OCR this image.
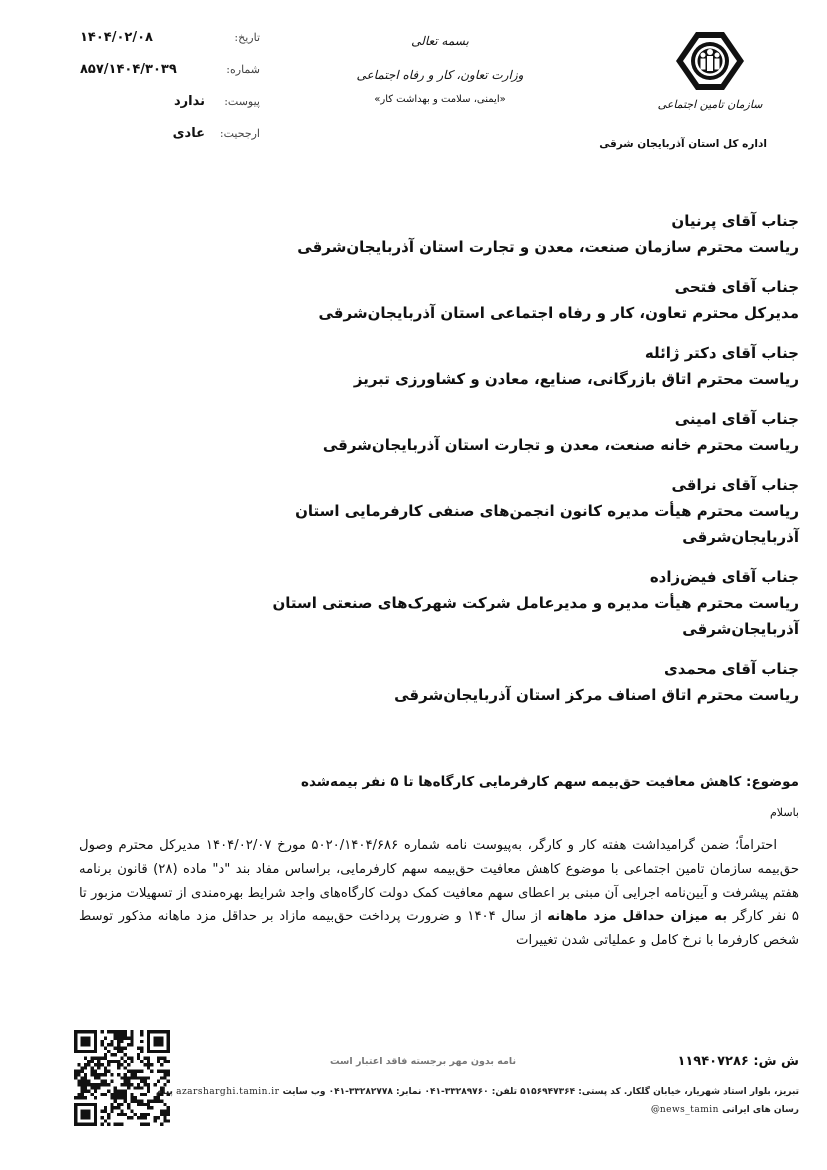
تاریخ:
۱۴۰۴/۰۲/۰۸
شماره:
۸۵۷/۱۴۰۴/۳۰۳۹
پیوست:
ندارد
ارجحیت:
عادی
بسمه تعالی
وزارت تعاون، کار و رفاه اجتماعی
«ایمنی، سلامت و بهداشت کار»	سازمان تامین اجتماعی
اداره کل استان آذربایجان شرقی
جناب آقای پرنیان
ریاست محترم سازمان صنعت، معدن و تجارت استان آذربایجان‌شرقی
جناب آقای فتحی
مدیرکل محترم تعاون، کار و رفاه اجتماعی استان آذربایجان‌شرقی
جناب آقای دکتر ژائله
ریاست محترم اتاق بازرگانی، صنایع، معادن و کشاورزی تبریز
جناب آقای امینی
ریاست محترم خانه صنعت، معدن و تجارت استان آذربایجان‌شرقی
جناب آقای نراقی
ریاست محترم هیأت مدیره کانون انجمن‌های صنفی کارفرمایی استان آذربایجان‌شرقی
جناب آقای فیض‌زاده
ریاست محترم هیأت مدیره و مدیرعامل شرکت شهرک‌های صنعتی استان آذربایجان‌شرقی
جناب آقای محمدی
ریاست محترم اتاق اصناف مرکز استان آذربایجان‌شرقی
موضوع: کاهش معافیت حق‌بیمه سهم کارفرمایی کارگاه‌ها تا ۵ نفر بیمه‌شده
باسلام

احتراماً؛ ضمن گرامیداشت هفته کار و کارگر، به‌پیوست نامه شماره ۵۰۲۰/۱۴۰۴/۶۸۶ مورخ ۱۴۰۴/۰۲/۰۷ مدیرکل محترم وصول حق‌بیمه سازمان تامین اجتماعی با موضوع کاهش معافیت حق‌بیمه سهم کارفرمایی، براساس مفاد بند "د" ماده (۲۸) قانون برنامه هفتم پیشرفت و آیین‌نامه اجرایی آن مبنی بر اعطای سهم معافیت کمک دولت کارگاه‌های واجد شرایط بهره‌مندی از تسهیلات مزبور تا ۵ نفر کارگر به میزان حداقل مزد ماهانه از سال ۱۴۰۴ و ضرورت پرداخت حق‌بیمه مازاد بر حداقل مزد ماهانه مذکور توسط شخص کارفرما با نرخ کامل و عملیاتی شدن تغییرات

نامه بدون مهر برجسته فاقد اعتبار است	ش ش: ۱۱۹۴۰۷۲۸۶
تبریز، بلوار استاد شهریار، خیابان گلکار. کد پستی: ۵۱۵۶۹۴۷۳۶۴ تلفن: ۳۳۲۸۹۷۶۰-۰۴۱ نمابر: ۳۳۲۸۲۷۷۸-۰۴۱ وب سایت azarsharghi.tamin.ir پیام
رسان های ایرانی @news_tamin
